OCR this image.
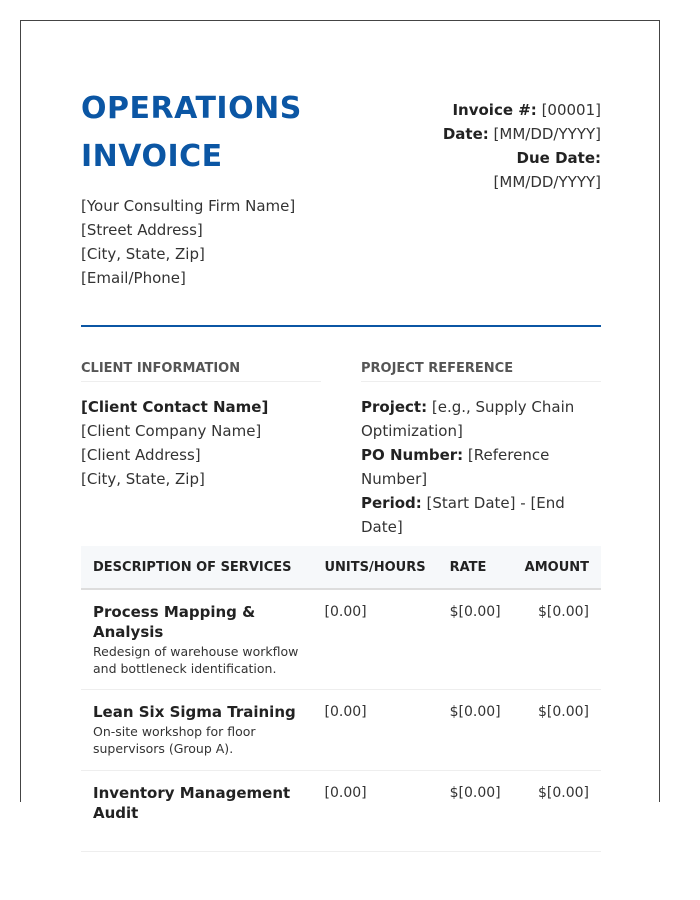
OPERATIONS
INVOICE
Invoice #: [00001]
Date: [MM/DD/YYYY]
Due Date:
[MM/DD/YYYY]
[Your Consulting Firm Name]
[Street Address]
[City, State, Zip]
[Email/Phone]
CLIENT INFORMATION	PROJECT REFERENCE
[Client Contact Name]
[Client Company Name]
[Client Address]
[City, State, Zip]
Project: [e.g., Supply Chain Optimization]
PO Number: [Reference Number]
Period: [Start Date] - [End Date]
DESCRIPTION OF SERVICES	UNITS/HOURS	RATE	AMOUNT

Process Mapping & Analysis
Redesign of warehouse workflow and bottleneck identification.	[0.00]	$[0.00]	$[0.00]

Lean Six Sigma Training
On-site workshop for floor supervisors (Group A).	[0.00]	$[0.00]	$[0.00]

Inventory Management Audit	[0.00]	$[0.00]	$[0.00]
